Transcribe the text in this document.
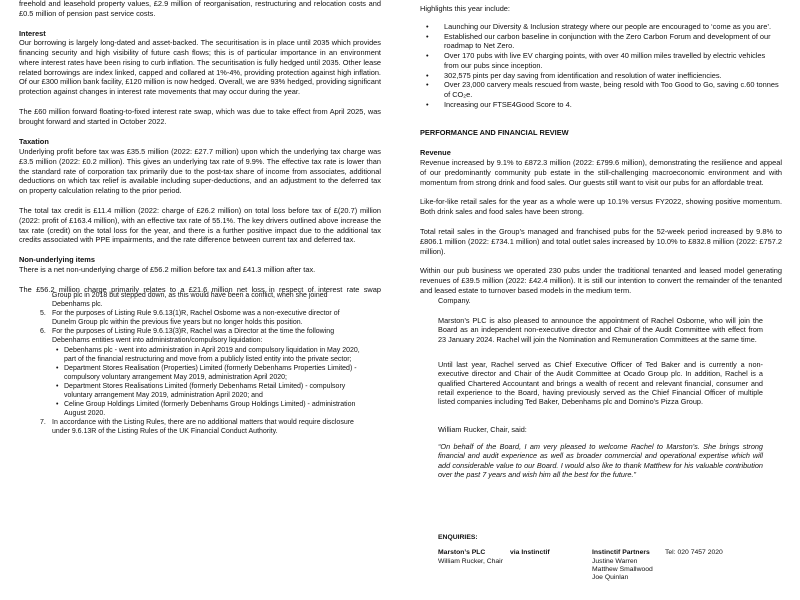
freehold and leasehold property values, £2.9 million of reorganisation, restructuring and relocation costs and £0.5 million of pension past service costs.

Interest

Our borrowing is largely long-dated and asset-backed. The securitisation is in place until 2035 which provides financing security and high visibility of future cash flows; this is of particular importance in an environment where interest rates have been rising to curb inflation. The securitisation is fully hedged until 2035. Other lease related borrowings are index linked, capped and collared at 1%-4%, providing protection against high inflation. Of our £300 million bank facility, £120 million is now hedged. Overall, we are 93% hedged, providing significant protection against changes in interest rate movements that may occur during the year.

The £60 million forward floating-to-fixed interest rate swap, which was due to take effect from April 2025, was brought forward and started in October 2022.

Taxation

Underlying profit before tax was £35.5 million (2022: £27.7 million) upon which the underlying tax charge was £3.5 million (2022: £0.2 million). This gives an underlying tax rate of 9.9%. The effective tax rate is lower than the standard rate of corporation tax primarily due to the post-tax share of income from associates, additional deductions on which tax relief is available including super-deductions, and an adjustment to the deferred tax on property calculation relating to the prior period.

The total tax credit is £11.4 million (2022: charge of £26.2 million) on total loss before tax of £(20.7) million (2022: profit of £163.4 million), with an effective tax rate of 55.1%. The key drivers outlined above increase the tax rate (credit) on the total loss for the year, and there is a further positive impact due to the additional tax credits associated with PPE impairments, and the rate difference between current tax and deferred tax.

Non-underlying items

There is a net non-underlying charge of £56.2 million before tax and £41.3 million after tax.

The £56.2 million charge primarily relates to a £21.6 million net loss in respect of interest rate swap

Highlights this year include:

• Launching our Diversity & Inclusion strategy where our people are encouraged to ‘come as you are’.
• Established our carbon baseline in conjunction with the Zero Carbon Forum and development of our roadmap to Net Zero.
• Over 170 pubs with live EV charging points, with over 40 million miles travelled by electric vehicles from our pubs since inception.
• 302,575 pints per day saving from identification and resolution of water inefficiencies.
• Over 23,000 carvery meals rescued from waste, being resold with Too Good to Go, saving c.60 tonnes of CO₂e.
• Increasing our FTSE4Good Score to 4.

PERFORMANCE AND FINANCIAL REVIEW

Revenue

Revenue increased by 9.1% to £872.3 million (2022: £799.6 million), demonstrating the resilience and appeal of our predominantly community pub estate in the still-challenging macroeconomic environment and with momentum from strong drink and food sales. Our guests still want to visit our pubs for an affordable treat.

Like-for-like retail sales for the year as a whole were up 10.1% versus FY2022, showing positive momentum. Both drink sales and food sales have been strong.

Total retail sales in the Group’s managed and franchised pubs for the 52-week period increased by 9.8% to £806.1 million (2022: £734.1 million) and total outlet sales increased by 10.0% to £832.8 million (2022: £757.2 million).

Within our pub business we operated 230 pubs under the traditional tenanted and leased model generating revenues of £39.5 million (2022: £42.4 million). It is still our intention to convert the remainder of the tenanted and leased estate to turnover based models in the medium term.

Group plc in 2018 but stepped down, as this would have been a conflict, when she joined Debenhams plc.
5. For the purposes of Listing Rule 9.6.13(1)R, Rachel Osborne was a non-executive director of Dunelm Group plc within the previous five years but no longer holds this position.
6. For the purposes of Listing Rule 9.6.13(3)R, Rachel was a Director at the time the following Debenhams entities went into administration/compulsory liquidation:
• Debenhams plc - went into administration in April 2019 and compulsory liquidation in May 2020, part of the financial restructuring and move from a publicly listed entity into the private sector;
• Department Stores Realisation (Properties) Limited (formerly Debenhams Properties Limited) - compulsory voluntary arrangement May 2019, administration April 2020;
• Department Stores Realisations Limited (formerly Debenhams Retail Limited) - compulsory voluntary arrangement May 2019, administration April 2020; and
• Celine Group Holdings Limited (formerly Debenhams Group Holdings Limited) - administration August 2020.
7. In accordance with the Listing Rules, there are no additional matters that would require disclosure under 9.6.13R of the Listing Rules of the UK Financial Conduct Authority.
Company.
Marston’s PLC is also pleased to announce the appointment of Rachel Osborne, who will join the Board as an independent non-executive director and Chair of the Audit Committee with effect from 23 January 2024. Rachel will join the Nomination and Remuneration Committees at the same time.
Until last year, Rachel served as Chief Executive Officer of Ted Baker and is currently a non-executive director and Chair of the Audit Committee at Ocado Group plc. In addition, Rachel is a qualified Chartered Accountant and brings a wealth of recent and relevant financial, consumer and retail experience to the Board, having previously served as the Chief Financial Officer of multiple listed companies including Ted Baker, Debenhams plc and Domino’s Pizza Group.
William Rucker, Chair, said:
“On behalf of the Board, I am very pleased to welcome Rachel to Marston’s. She brings strong financial and audit experience as well as broader commercial and operational expertise which will add considerable value to our Board. I would also like to thank Matthew for his valuable contribution over the past 7 years and wish him all the best for the future.”
ENQUIRIES:
Marston’s PLC
William Rucker, Chair
via Instinctif	Instinctif Partners
Justine Warren
Matthew Smallwood
Joe Quinlan
Tel: 020 7457 2020
